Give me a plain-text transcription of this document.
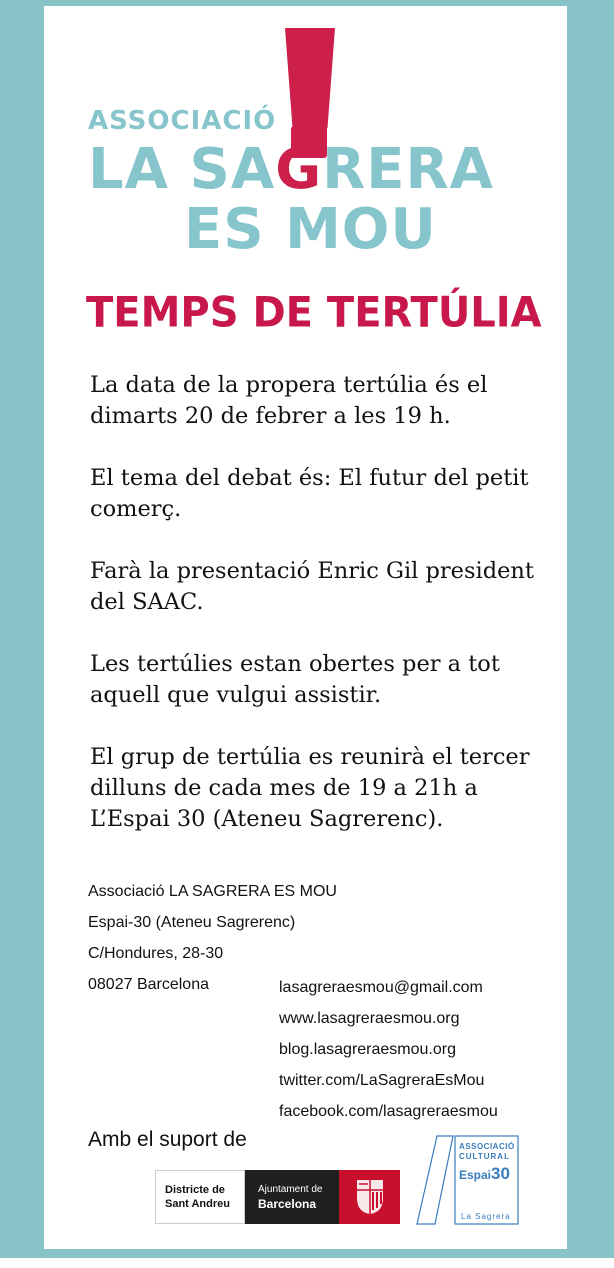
ASSOCIACIÓ
LA SAGRERA
ES MOU
TEMPS DE TERTÚLIA

La data de la propera tertúlia és el dimarts 20 de febrer a les 19 h.

El tema del debat és: El futur del petit comerç.

Farà la presentació Enric Gil president del SAAC.

Les tertúlies estan obertes per a tot aquell que vulgui assistir.

El grup de tertúlia es reunirà el tercer dilluns de cada mes de 19 a 21h a L’Espai 30 (Ateneu Sagrerenc).

Associació LA SAGRERA ES MOU
Espai-30 (Ateneu Sagrerenc)
C/Hondures, 28-30
08027 Barcelona	lasagreraesmou@gmail.com
www.lasagreraesmou.org
blog.lasagreraesmou.org
twitter.com/LaSagreraEsMou
facebook.com/lasagreraesmou
Amb el suport de
Districte de
Sant Andreu
Ajuntament de
Barcelona
ASSOCIACIÓ
CULTURAL
Espai30
La Sagrera
